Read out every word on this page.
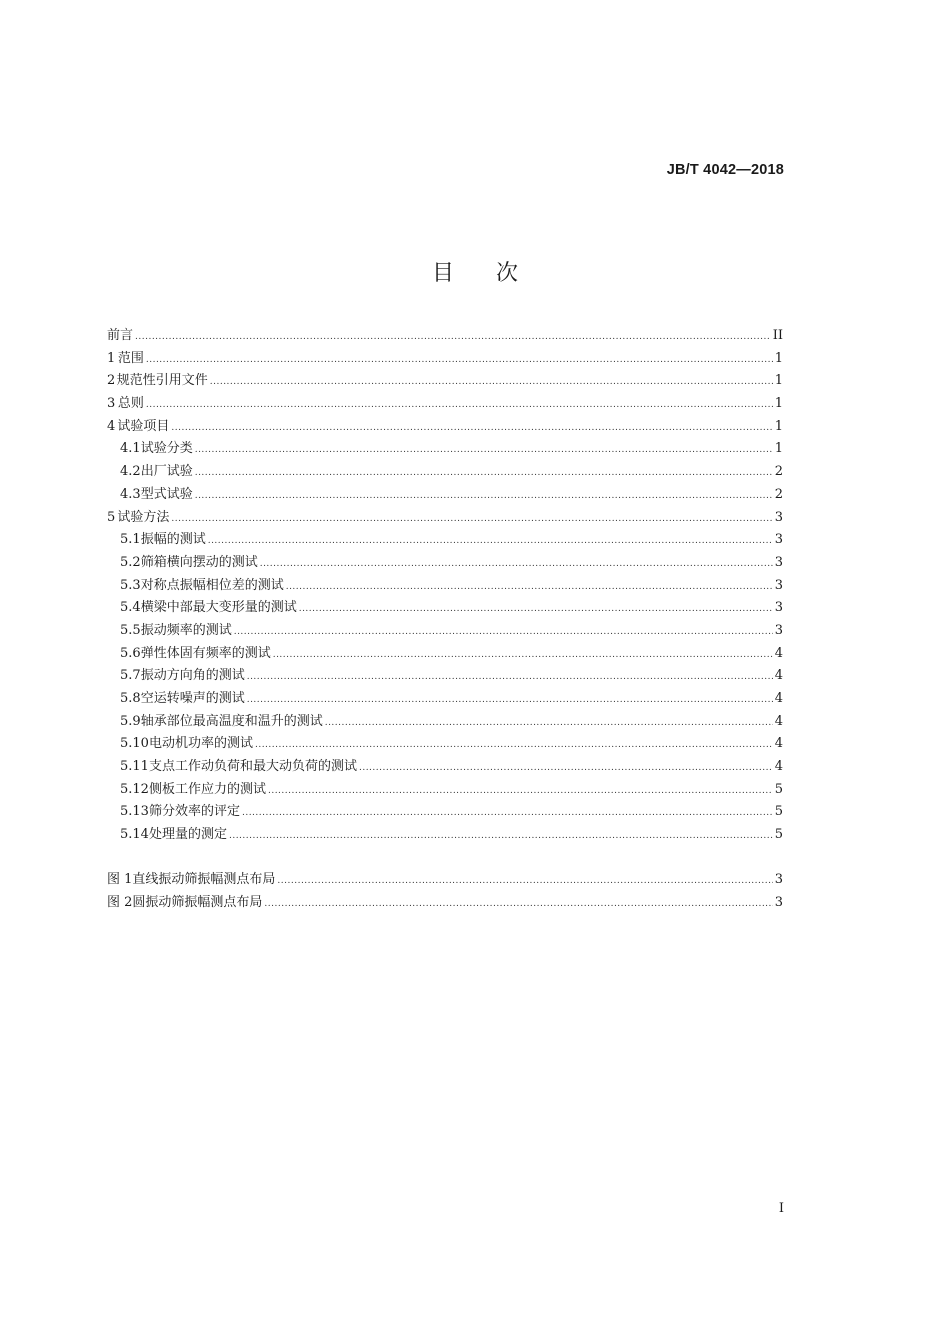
JB/T 4042—2018
目次
前言 .....	II
1 范围 .....	1
2 规范性引用文件 .....	1
3 总则 .....	1
4 试验项目 .....	1
4.1 试验分类 .....	1
4.2 出厂试验 .....	2
4.3 型式试验 .....	2
5 试验方法 .....	3
5.1 振幅的测试 .....	3
5.2 筛箱横向摆动的测试 .....	3
5.3 对称点振幅相位差的测试 .....	3
5.4 横梁中部最大变形量的测试 .....	3
5.5 振动频率的测试 .....	3
5.6 弹性体固有频率的测试 .....	4
5.7 振动方向角的测试 .....	4
5.8 空运转噪声的测试 .....	4
5.9 轴承部位最高温度和温升的测试 .....	4
5.10 电动机功率的测试 .....	4
5.11 支点工作动负荷和最大动负荷的测试 .....	4
5.12 侧板工作应力的测试 .....	5
5.13 筛分效率的评定 .....	5
5.14 处理量的测定 .....	5
图 1 直线振动筛振幅测点布局 .....	3
图 2 圆振动筛振幅测点布局 .....	3
I
